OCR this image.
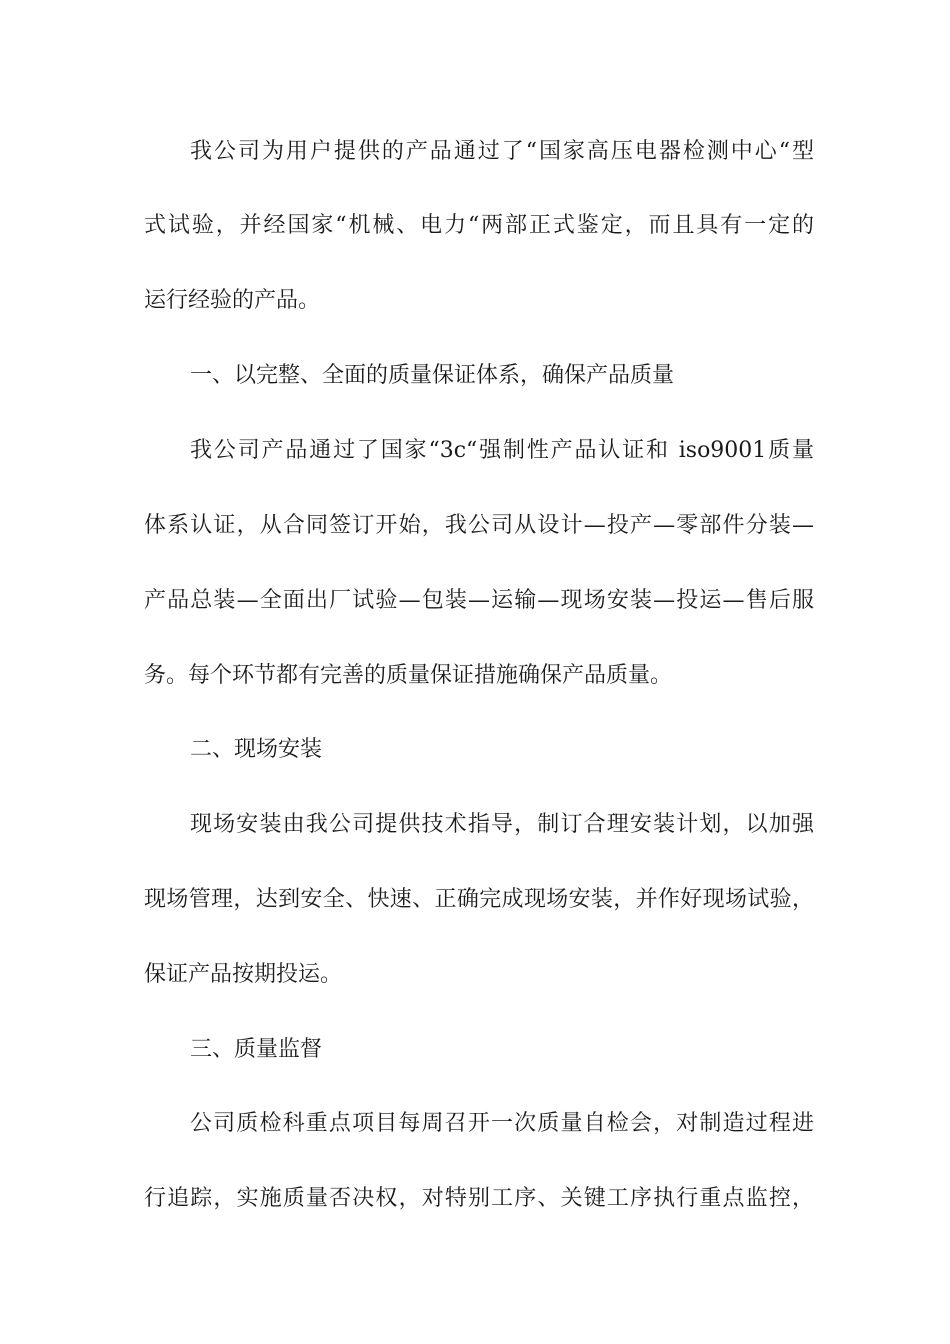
我公司为用户提供的产品通过了“国家高压电器检测中心“型
式试验，并经国家“机械、电力“两部正式鉴定，而且具有一定的
运行经验的产品。
一、以完整、全面的质量保证体系，确保产品质量
我公司产品通过了国家“3c“强制性产品认证和 iso9001质量
体系认证，从合同签订开始，我公司从设计—投产—零部件分装—
产品总装—全面出厂试验—包装—运输—现场安装—投运—售后服
务。每个环节都有完善的质量保证措施确保产品质量。
二、现场安装
现场安装由我公司提供技术指导，制订合理安装计划，以加强
现场管理，达到安全、快速、正确完成现场安装，并作好现场试验，
保证产品按期投运。
三、质量监督
公司质检科重点项目每周召开一次质量自检会，对制造过程进
行追踪，实施质量否决权，对特别工序、关键工序执行重点监控，
